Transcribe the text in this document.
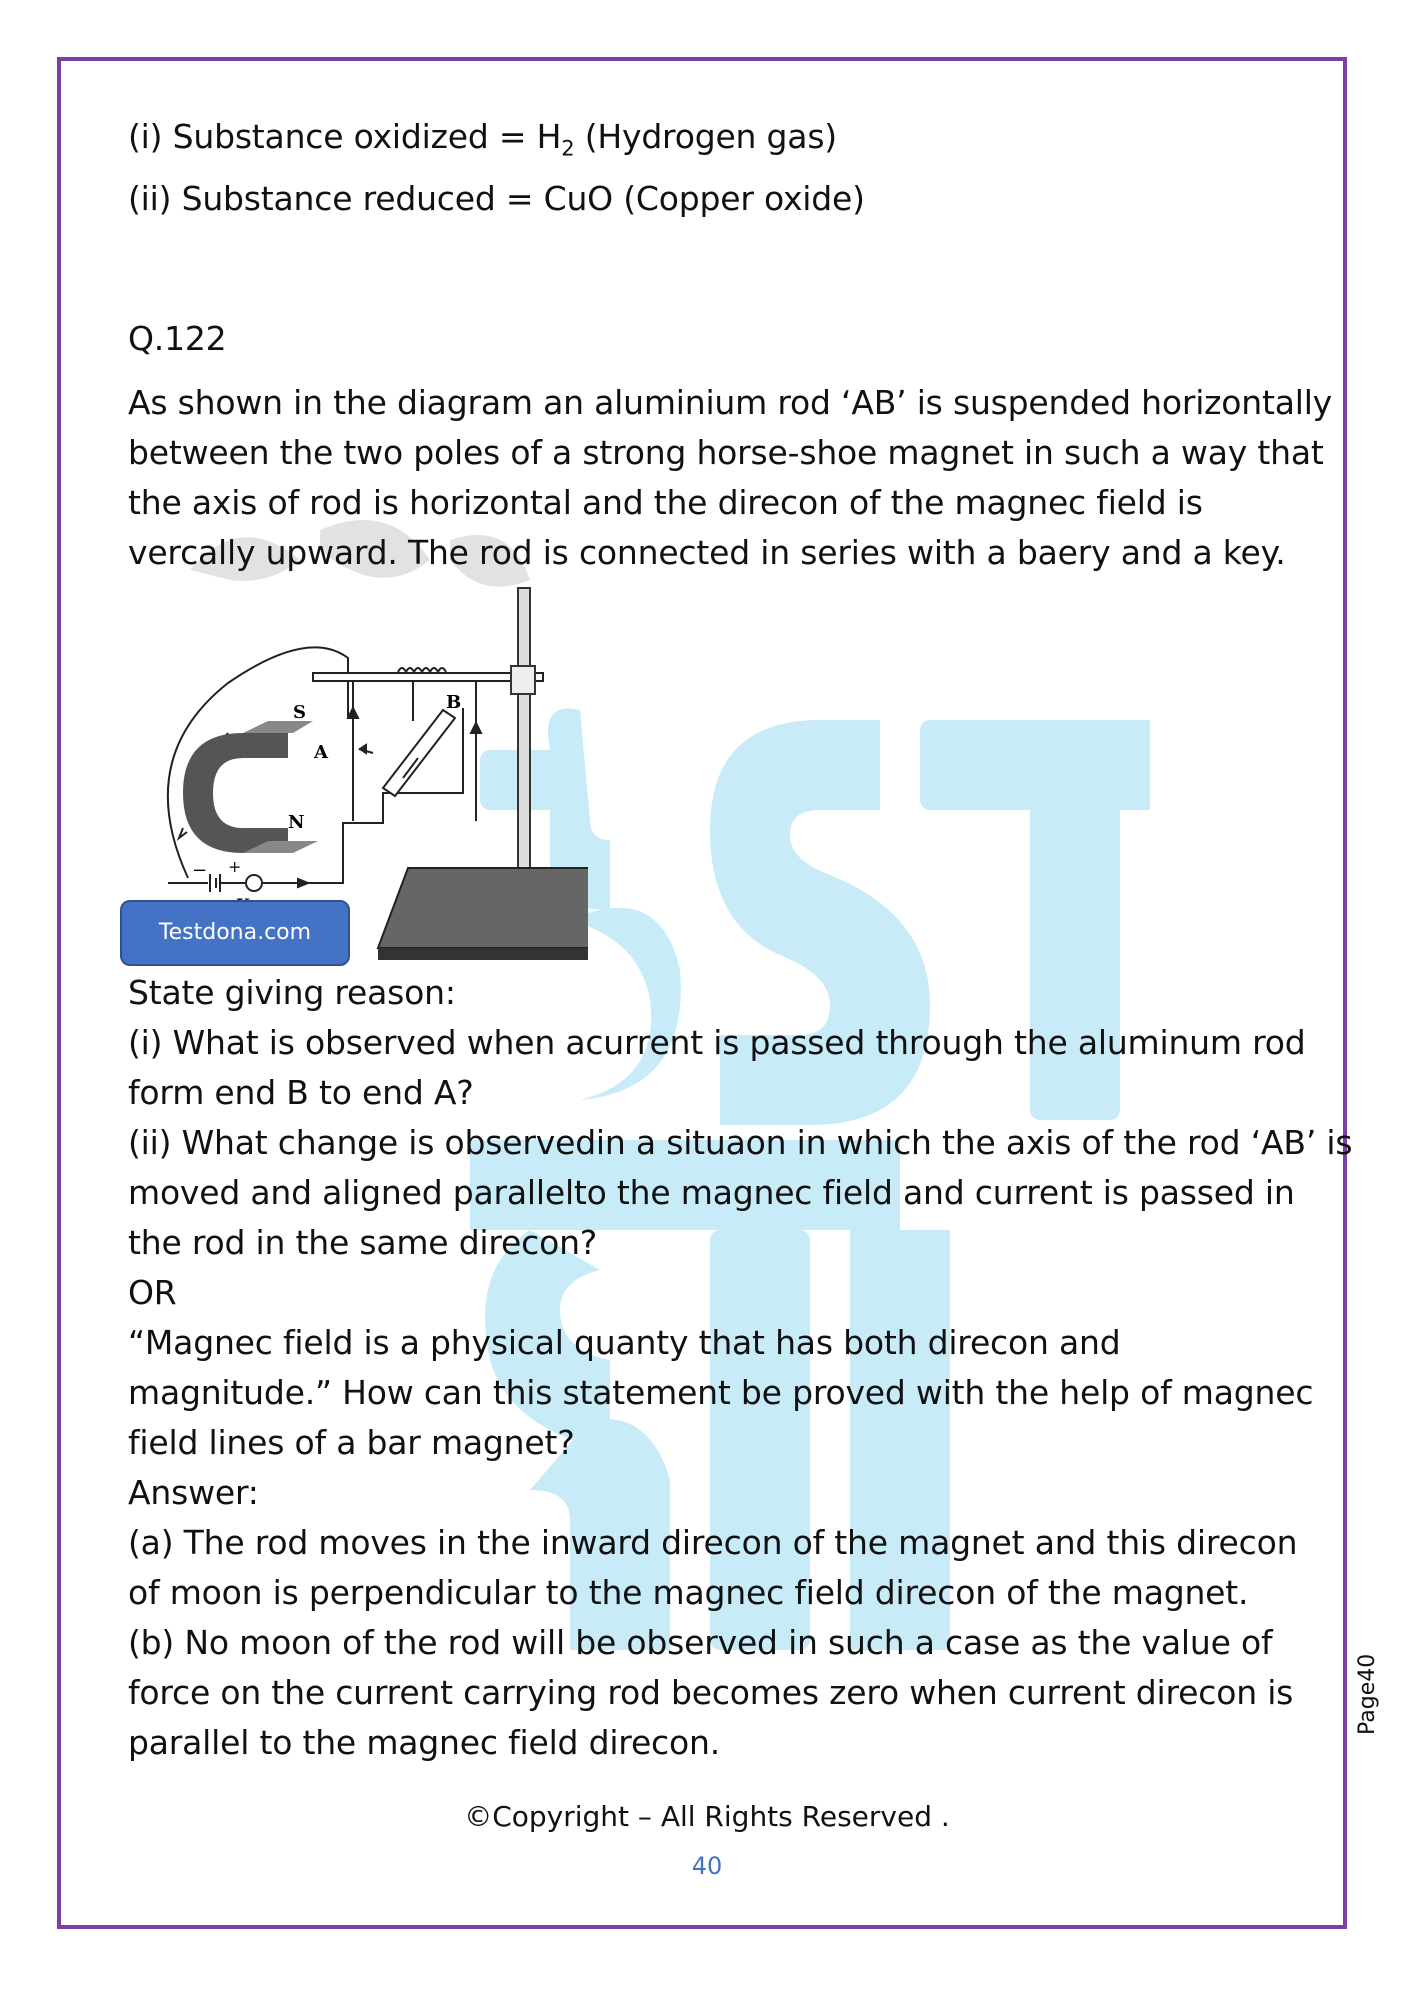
(i) Substance oxidized = $H_2$ (Hydrogen gas)

(ii) Substance reduced = CuO (Copper oxide)

Q.122

As shown in the diagram an aluminium rod ‘AB’ is suspended horizontally

between the two poles of a strong horse-shoe magnet in such a way that

the axis of rod is horizontal and the direcon of the magnec field is

vercally upward. The rod is connected in series with a baery and a key.

− +
S
N
A
B
Testdona.com

State giving reason:

(i) What is observed when acurrent is passed through the aluminum rod

form end B to end A?

(ii) What change is observedin a situaon in which the axis of the rod ‘AB’ is

moved and aligned parallelto the magnec field and current is passed in

the rod in the same direcon?

OR

“Magnec field is a physical quanty that has both direcon and

magnitude.” How can this statement be proved with the help of magnec

field lines of a bar magnet?

Answer:

(a) The rod moves in the inward direcon of the magnet and this direcon

of moon is perpendicular to the magnec field direcon of the magnet.

(b) No moon of the rod will be observed in such a case as the value of

force on the current carrying rod becomes zero when current direcon is

parallel to the magnec field direcon.

©Copyright – All Rights Reserved .
40
Page40
